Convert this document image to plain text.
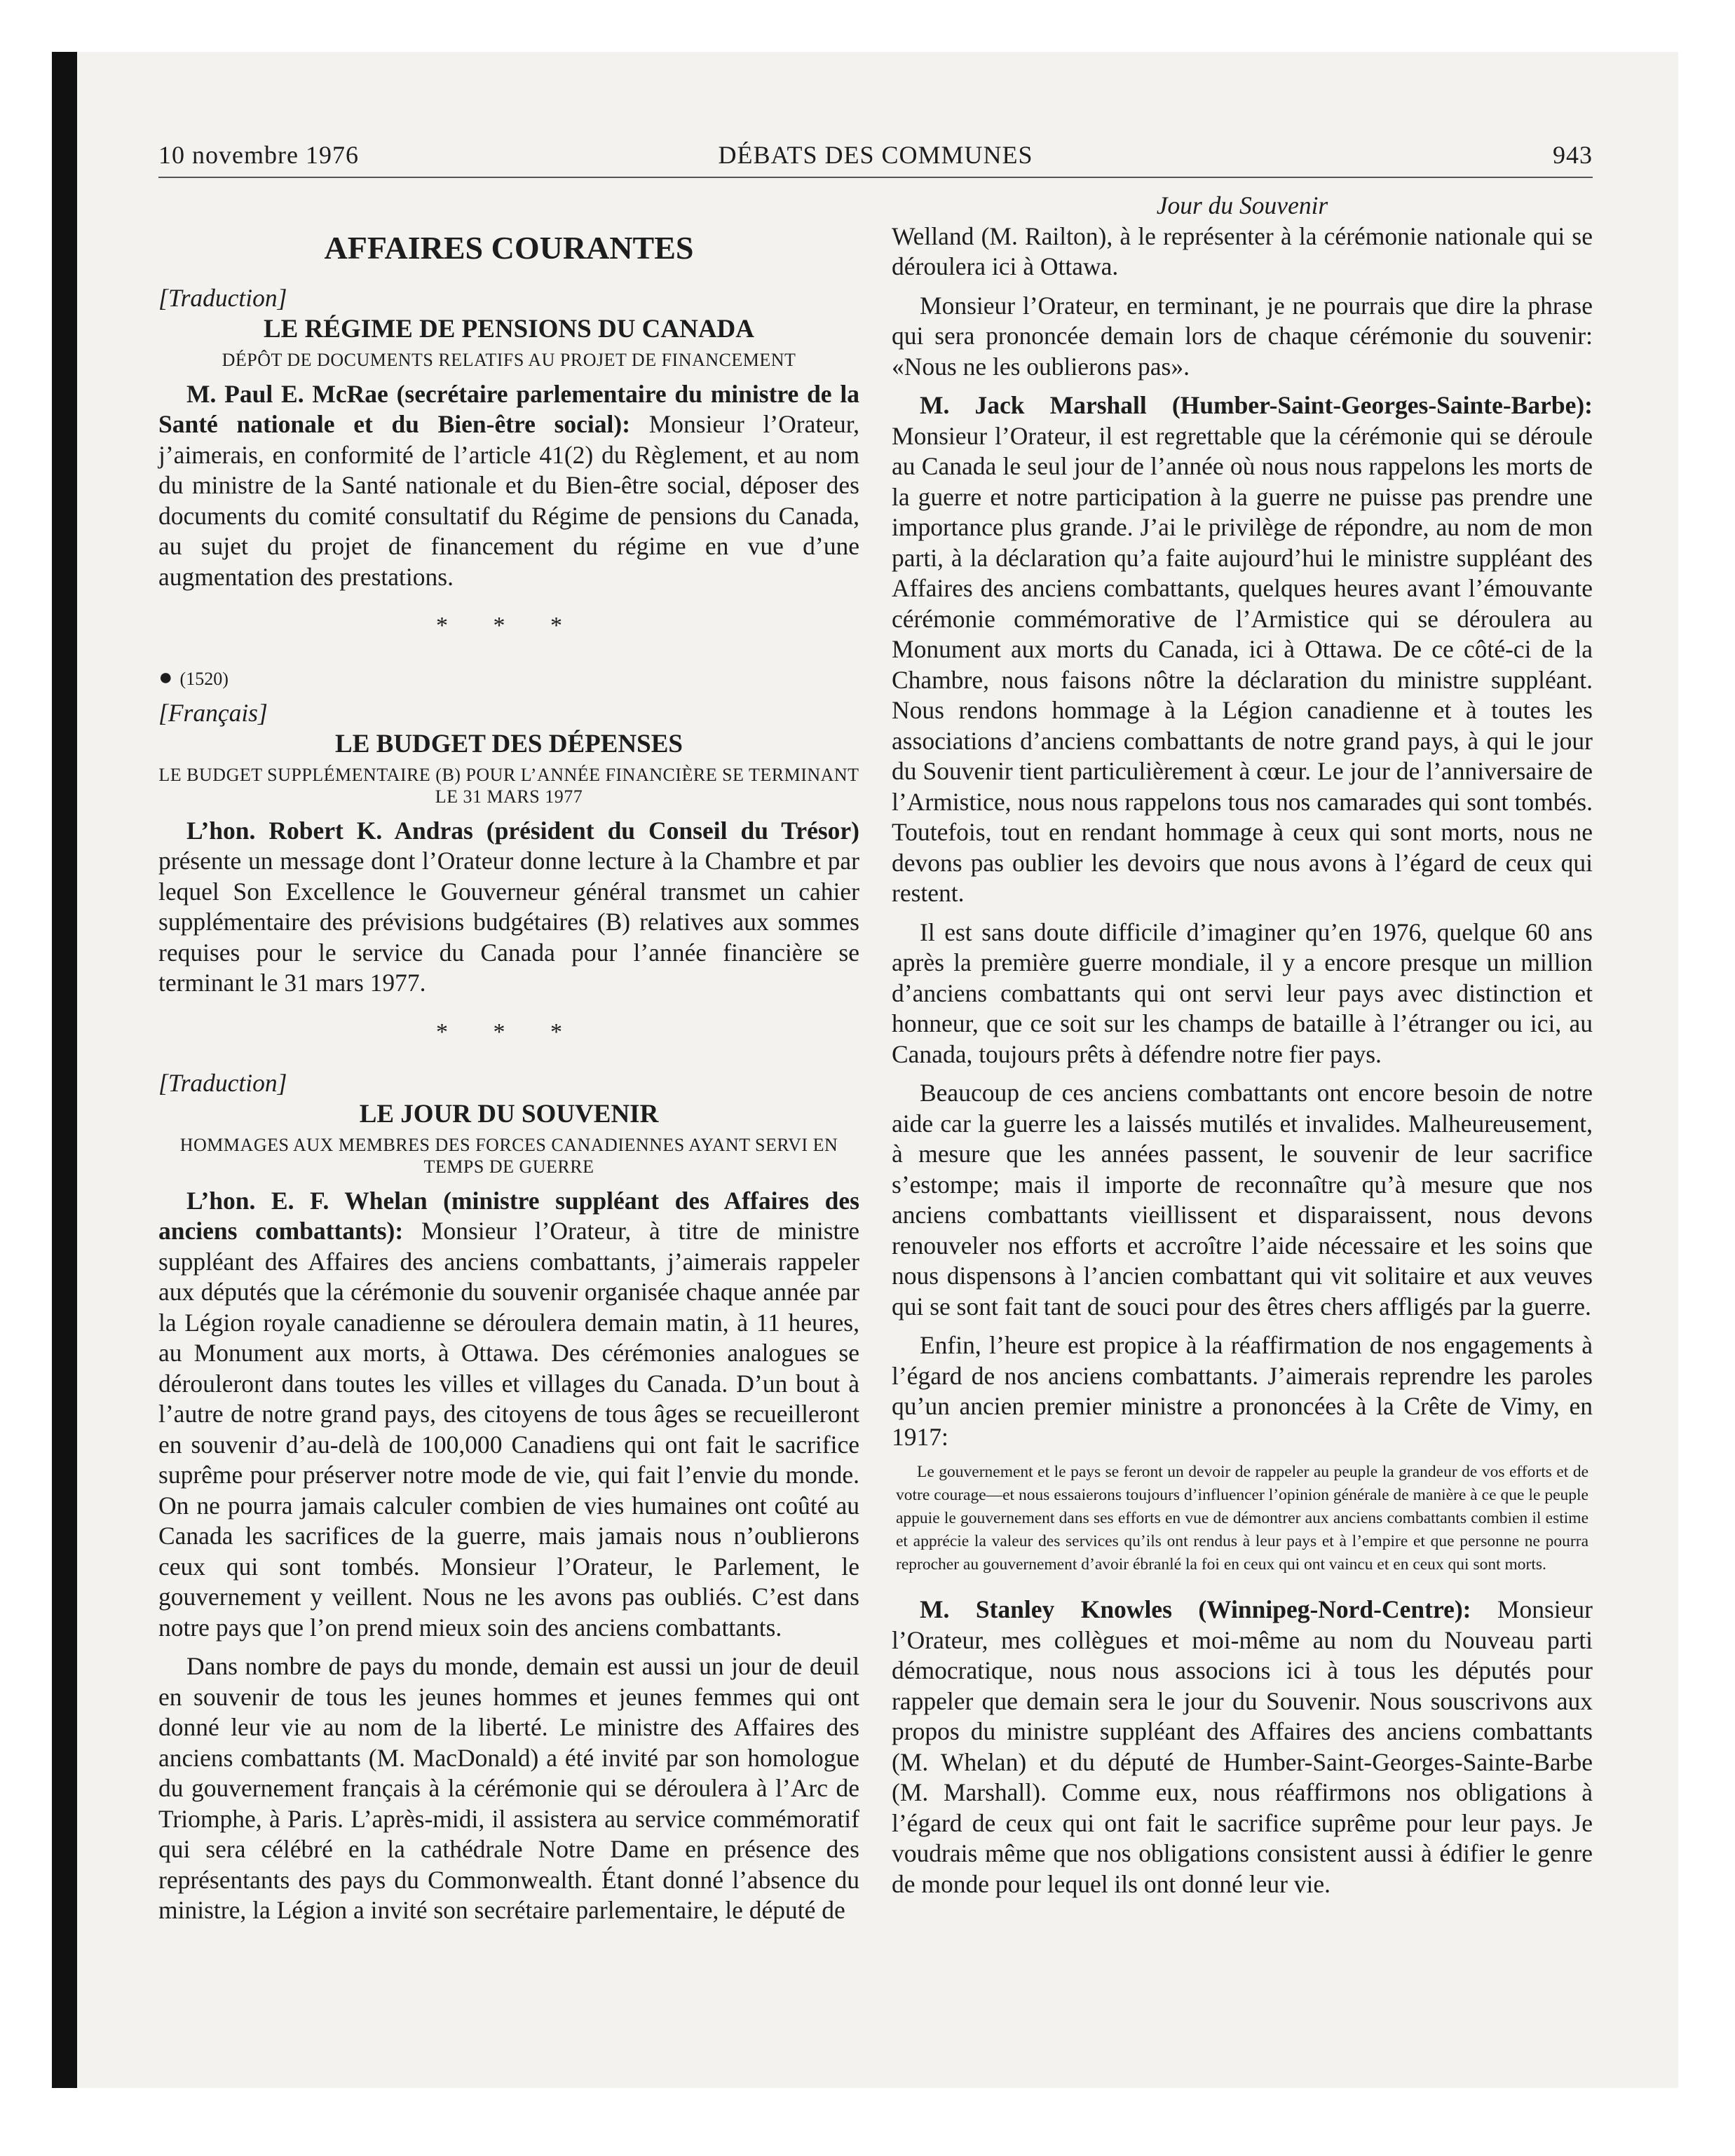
10 novembre 1976	DÉBATS DES COMMUNES	943
AFFAIRES COURANTES

[Traduction]

LE RÉGIME DE PENSIONS DU CANADA
DÉPÔT DE DOCUMENTS RELATIFS AU PROJET DE FINANCEMENT

M. Paul E. McRae (secrétaire parlementaire du ministre de la Santé nationale et du Bien-être social): Monsieur l’Orateur, j’aimerais, en conformité de l’article 41(2) du Règlement, et au nom du ministre de la Santé nationale et du Bien-être social, déposer des documents du comité consultatif du Régime de pensions du Canada, au sujet du projet de financement du régime en vue d’une augmentation des prestations.

* * *

● (1520)

[Français]

LE BUDGET DES DÉPENSES
LE BUDGET SUPPLÉMENTAIRE (B) POUR L’ANNÉE FINANCIÈRE SE TERMINANT LE 31 MARS 1977

L’hon. Robert K. Andras (président du Conseil du Trésor) présente un message dont l’Orateur donne lecture à la Chambre et par lequel Son Excellence le Gouverneur général transmet un cahier supplémentaire des prévisions budgétaires (B) relatives aux sommes requises pour le service du Canada pour l’année financière se terminant le 31 mars 1977.

* * *

[Traduction]

LE JOUR DU SOUVENIR
HOMMAGES AUX MEMBRES DES FORCES CANADIENNES AYANT SERVI EN TEMPS DE GUERRE

L’hon. E. F. Whelan (ministre suppléant des Affaires des anciens combattants): Monsieur l’Orateur, à titre de ministre suppléant des Affaires des anciens combattants, j’aimerais rappeler aux députés que la cérémonie du souvenir organisée chaque année par la Légion royale canadienne se déroulera demain matin, à 11 heures, au Monument aux morts, à Ottawa. Des cérémonies analogues se dérouleront dans toutes les villes et villages du Canada. D’un bout à l’autre de notre grand pays, des citoyens de tous âges se recueilleront en souvenir d’au-delà de 100,000 Canadiens qui ont fait le sacrifice suprême pour préserver notre mode de vie, qui fait l’envie du monde. On ne pourra jamais calculer combien de vies humaines ont coûté au Canada les sacrifices de la guerre, mais jamais nous n’oublierons ceux qui sont tombés. Monsieur l’Orateur, le Parlement, le gouvernement y veillent. Nous ne les avons pas oubliés. C’est dans notre pays que l’on prend mieux soin des anciens combattants.

Dans nombre de pays du monde, demain est aussi un jour de deuil en souvenir de tous les jeunes hommes et jeunes femmes qui ont donné leur vie au nom de la liberté. Le ministre des Affaires des anciens combattants (M. MacDonald) a été invité par son homologue du gouvernement français à la cérémonie qui se déroulera à l’Arc de Triomphe, à Paris. L’après-midi, il assistera au service commémoratif qui sera célébré en la cathédrale Notre Dame en présence des représentants des pays du Commonwealth. Étant donné l’absence du ministre, la Légion a invité son secrétaire parlementaire, le député de

Jour du Souvenir

Welland (M. Railton), à le représenter à la cérémonie nationale qui se déroulera ici à Ottawa.

Monsieur l’Orateur, en terminant, je ne pourrais que dire la phrase qui sera prononcée demain lors de chaque cérémonie du souvenir: «Nous ne les oublierons pas».

M. Jack Marshall (Humber-Saint-Georges-Sainte-Barbe): Monsieur l’Orateur, il est regrettable que la cérémonie qui se déroule au Canada le seul jour de l’année où nous nous rappelons les morts de la guerre et notre participation à la guerre ne puisse pas prendre une importance plus grande. J’ai le privilège de répondre, au nom de mon parti, à la déclaration qu’a faite aujourd’hui le ministre suppléant des Affaires des anciens combattants, quelques heures avant l’émouvante cérémonie commémorative de l’Armistice qui se déroulera au Monument aux morts du Canada, ici à Ottawa. De ce côté-ci de la Chambre, nous faisons nôtre la déclaration du ministre suppléant. Nous rendons hommage à la Légion canadienne et à toutes les associations d’anciens combattants de notre grand pays, à qui le jour du Souvenir tient particulièrement à cœur. Le jour de l’anniversaire de l’Armistice, nous nous rappelons tous nos camarades qui sont tombés. Toutefois, tout en rendant hommage à ceux qui sont morts, nous ne devons pas oublier les devoirs que nous avons à l’égard de ceux qui restent.

Il est sans doute difficile d’imaginer qu’en 1976, quelque 60 ans après la première guerre mondiale, il y a encore presque un million d’anciens combattants qui ont servi leur pays avec distinction et honneur, que ce soit sur les champs de bataille à l’étranger ou ici, au Canada, toujours prêts à défendre notre fier pays.

Beaucoup de ces anciens combattants ont encore besoin de notre aide car la guerre les a laissés mutilés et invalides. Malheureusement, à mesure que les années passent, le souvenir de leur sacrifice s’estompe; mais il importe de reconnaître qu’à mesure que nos anciens combattants vieillissent et disparaissent, nous devons renouveler nos efforts et accroître l’aide nécessaire et les soins que nous dispensons à l’ancien combattant qui vit solitaire et aux veuves qui se sont fait tant de souci pour des êtres chers affligés par la guerre.

Enfin, l’heure est propice à la réaffirmation de nos engagements à l’égard de nos anciens combattants. J’aimerais reprendre les paroles qu’un ancien premier ministre a prononcées à la Crête de Vimy, en 1917:

Le gouvernement et le pays se feront un devoir de rappeler au peuple la grandeur de vos efforts et de votre courage—et nous essaierons toujours d’influencer l’opinion générale de manière à ce que le peuple appuie le gouvernement dans ses efforts en vue de démontrer aux anciens combattants combien il estime et apprécie la valeur des services qu’ils ont rendus à leur pays et à l’empire et que personne ne pourra reprocher au gouvernement d’avoir ébranlé la foi en ceux qui ont vaincu et en ceux qui sont morts.

M. Stanley Knowles (Winnipeg-Nord-Centre): Monsieur l’Orateur, mes collègues et moi-même au nom du Nouveau parti démocratique, nous nous associons ici à tous les députés pour rappeler que demain sera le jour du Souvenir. Nous souscrivons aux propos du ministre suppléant des Affaires des anciens combattants (M. Whelan) et du député de Humber-Saint-Georges-Sainte-Barbe (M. Marshall). Comme eux, nous réaffirmons nos obligations à l’égard de ceux qui ont fait le sacrifice suprême pour leur pays. Je voudrais même que nos obligations consistent aussi à édifier le genre de monde pour lequel ils ont donné leur vie.
